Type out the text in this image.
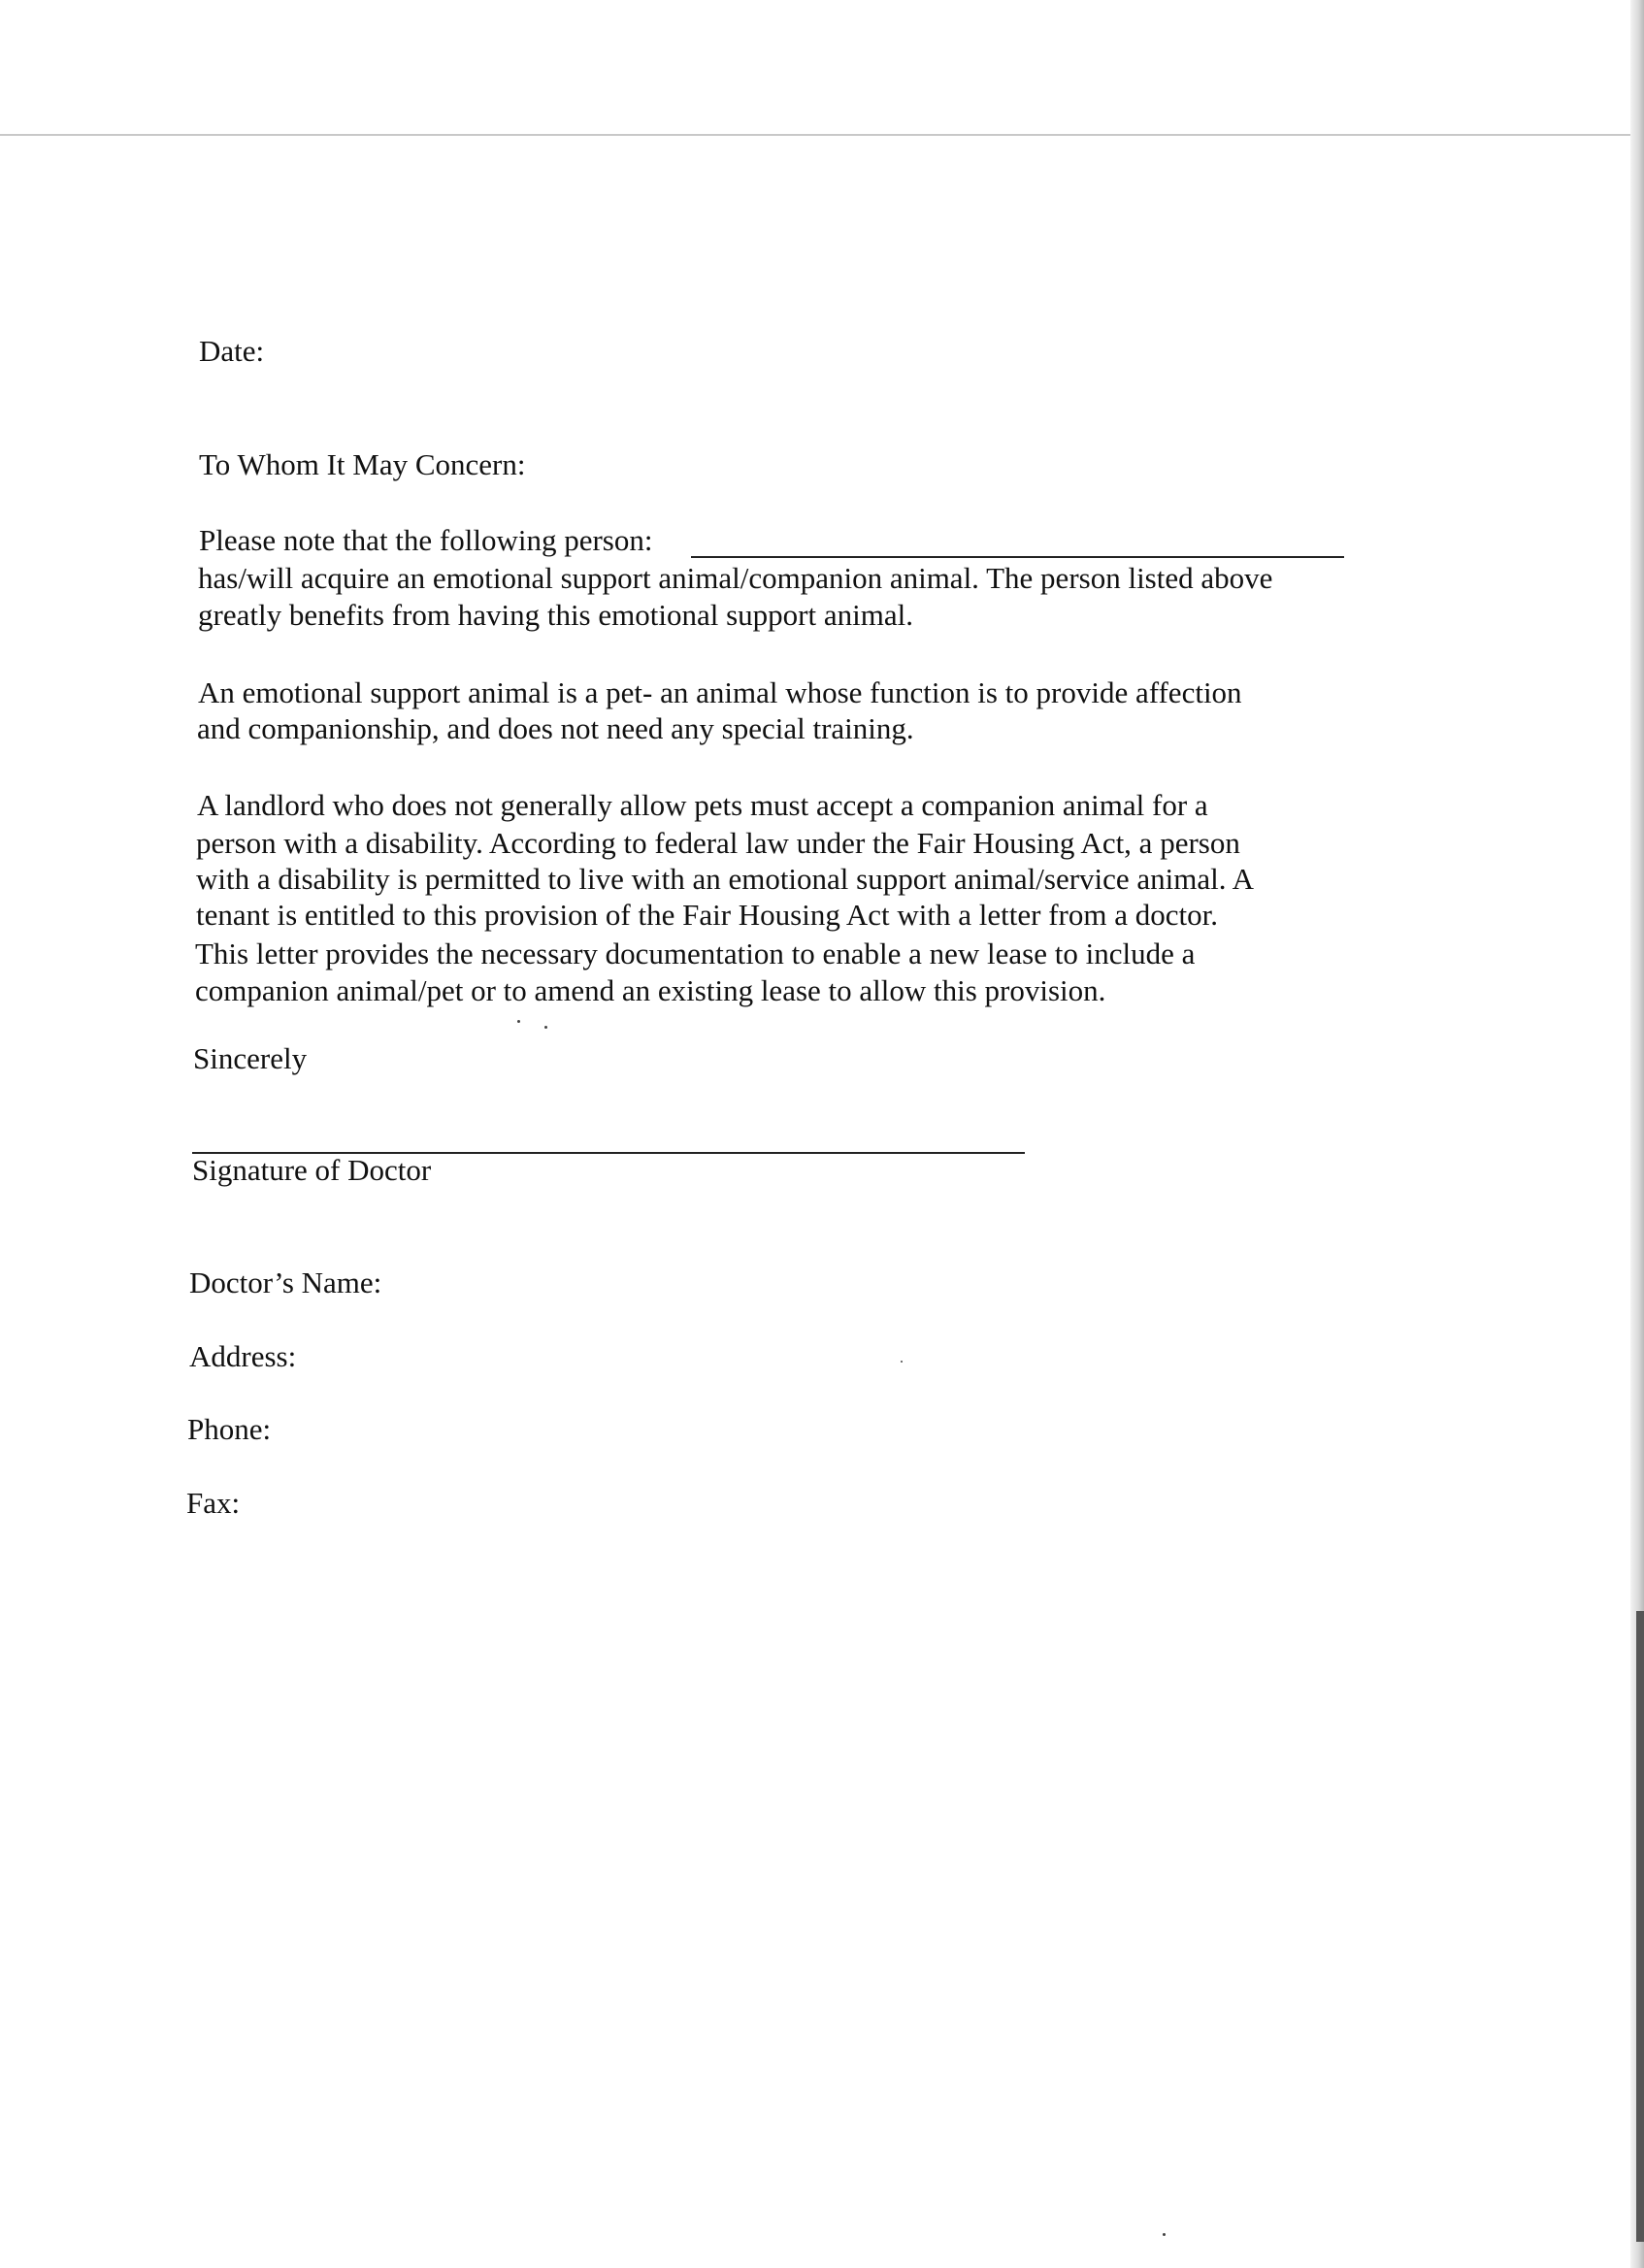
Date:

To Whom It May Concern:

Please note that the following person:

has/will acquire an emotional support animal/companion animal. The person listed above

greatly benefits from having this emotional support animal.

An emotional support animal is a pet- an animal whose function is to provide affection

and companionship, and does not need any special training.

A landlord who does not generally allow pets must accept a companion animal for a

person with a disability. According to federal law under the Fair Housing Act, a person

with a disability is permitted to live with an emotional support animal/service animal. A

tenant is entitled to this provision of the Fair Housing Act with a letter from a doctor.

This letter provides the necessary documentation to enable a new lease to include a

companion animal/pet or to amend an existing lease to allow this provision.

Sincerely

Signature of Doctor

Doctor’s Name:

Address:

Phone:

Fax:
